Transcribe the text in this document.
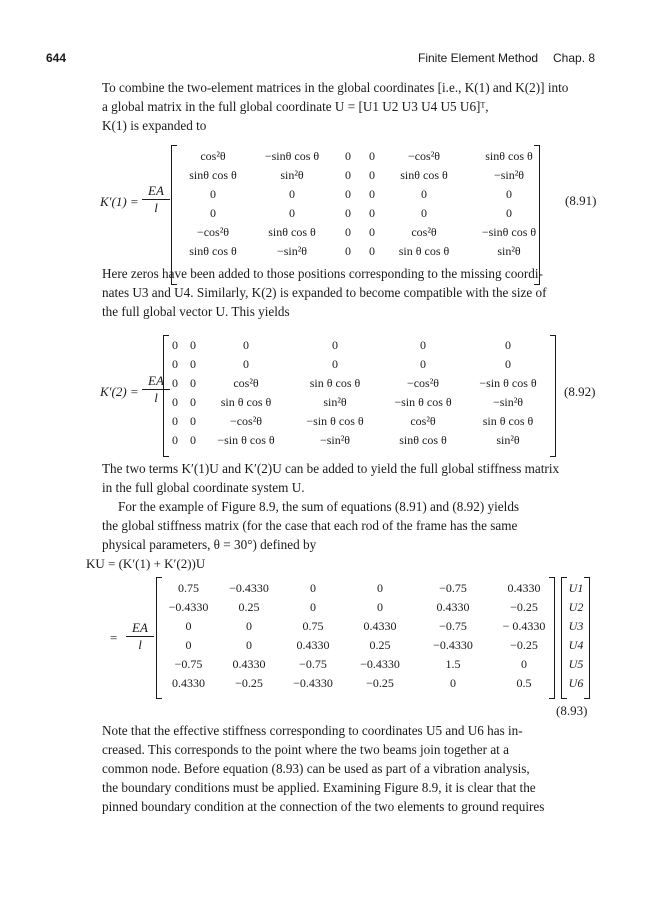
644	Finite Element Method Chap. 8
To combine the two-element matrices in the global coordinates [i.e., K(1) and K(2)] into
a global matrix in the full global coordinate U = [U1 U2 U3 U4 U5 U6]ᵀ,
K(1) is expanded to
$K'(1) = \frac{EA}{l}$
cos²θ	−sinθ cos θ	0	0	−cos²θ	sinθ cos θ
sinθ cos θ	sin²θ	0	0	sinθ cos θ	−sin²θ
0	0	0	0	0	0
0	0	0	0	0	0
−cos²θ	sinθ cos θ	0	0	cos²θ	−sinθ cos θ
sinθ cos θ	−sin²θ	0	0	sin θ cos θ	sin²θ
(8.91)
Here zeros have been added to those positions corresponding to the missing coordi-
nates U3 and U4. Similarly, K(2) is expanded to become compatible with the size of
the full global vector U. This yields
$K'(2) = \frac{EA}{l}$
0	0	0	0	0	0
0	0	0	0	0	0
0	0	cos²θ	sin θ cos θ	−cos²θ	−sin θ cos θ
0	0	sin θ cos θ	sin²θ	−sin θ cos θ	−sin²θ
0	0	−cos²θ	−sin θ cos θ	cos²θ	sin θ cos θ
0	0	−sin θ cos θ	−sin²θ	sinθ cos θ	sin²θ
(8.92)
The two terms K′(1)U and K′(2)U can be added to yield the full global stiffness matrix
in the full global coordinate system U.
For the example of Figure 8.9, the sum of equations (8.91) and (8.92) yields
the global stiffness matrix (for the case that each rod of the frame has the same
physical parameters, θ = 30°) defined by
KU = (K′(1) + K′(2))U
= $\frac{EA}{l}$
0.75	−0.4330	0	0	−0.75	0.4330
−0.4330	0.25	0	0	0.4330	−0.25
0	0	0.75	0.4330	−0.75	− 0.4330
0	0	0.4330	0.25	−0.4330	−0.25
−0.75	0.4330	−0.75	−0.4330	1.5	0
0.4330	−0.25	−0.4330	−0.25	0	0.5
U1
U2
U3
U4
U5
U6
(8.93)
Note that the effective stiffness corresponding to coordinates U5 and U6 has in-
creased. This corresponds to the point where the two beams join together at a
common node. Before equation (8.93) can be used as part of a vibration analysis,
the boundary conditions must be applied. Examining Figure 8.9, it is clear that the
pinned boundary condition at the connection of the two elements to ground requires
